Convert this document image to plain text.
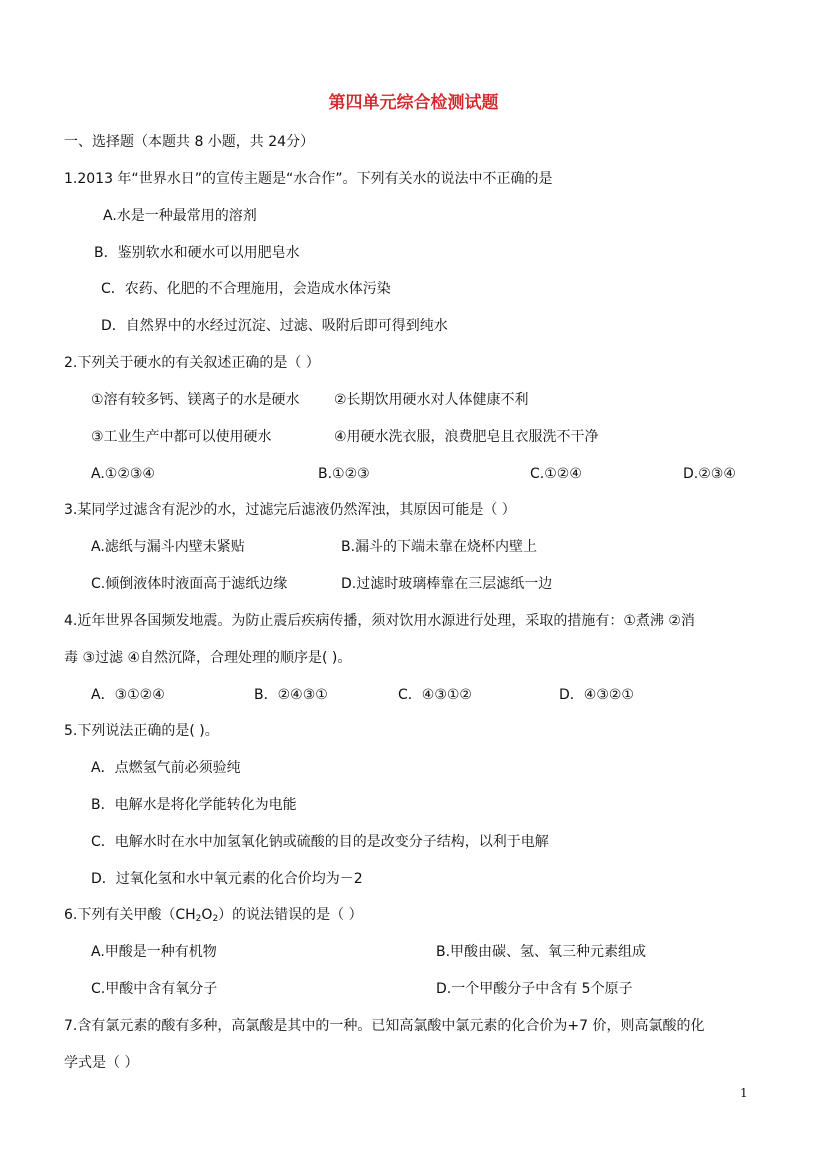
第四单元综合检测试题
一、选择题（本题共 8 小题，共 24分）
1.2013 年“世界水日”的宣传主题是“水合作”。下列有关水的说法中不正确的是
A.水是一种最常用的溶剂
B．鉴别软水和硬水可以用肥皂水
C．农药、化肥的不合理施用，会造成水体污染
D．自然界中的水经过沉淀、过滤、吸附后即可得到纯水
2.下列关于硬水的有关叙述正确的是（ ）
①溶有较多钙、镁离子的水是硬水 ②长期饮用硬水对人体健康不利
③工业生产中都可以使用硬水	④用硬水洗衣服，浪费肥皂且衣服洗不干净
A.①②③④	B.①②③	C.①②④	D.②③④
3.某同学过滤含有泥沙的水，过滤完后滤液仍然浑浊，其原因可能是（ ）
A.滤纸与漏斗内壁未紧贴	B.漏斗的下端未靠在烧杯内壁上
C.倾倒液体时液面高于滤纸边缘	D.过滤时玻璃棒靠在三层滤纸一边
4.近年世界各国频发地震。为防止震后疾病传播，须对饮用水源进行处理，采取的措施有：①煮沸 ②消
毒 ③过滤 ④自然沉降，合理处理的顺序是( )。
A．③①②④	B．②④③①	C．④③①②	D．④③②①
5.下列说法正确的是( )。
A．点燃氢气前必须验纯
B．电解水是将化学能转化为电能
C．电解水时在水中加氢氧化钠或硫酸的目的是改变分子结构，以利于电解
D．过氧化氢和水中氧元素的化合价均为－2
6.下列有关甲酸$(CH_2O_2)$的说法错误的是（ ）
A.甲酸是一种有机物	B.甲酸由碳、氢、氧三种元素组成
C.甲酸中含有氧分子	D.一个甲酸分子中含有 5个原子
7.含有氯元素的酸有多种，高氯酸是其中的一种。已知高氯酸中氯元素的化合价为+7 价，则高氯酸的化
学式是（ ）
1
